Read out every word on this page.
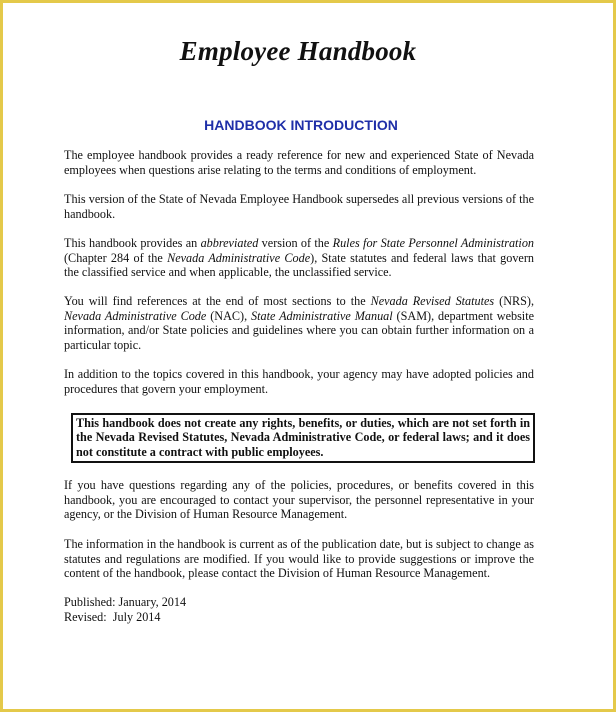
Employee Handbook
HANDBOOK INTRODUCTION

The employee handbook provides a ready reference for new and experienced State of Nevada employees when questions arise relating to the terms and conditions of employment.

This version of the State of Nevada Employee Handbook supersedes all previous versions of the handbook.

This handbook provides an abbreviated version of the Rules for State Personnel Administration (Chapter 284 of the Nevada Administrative Code), State statutes and federal laws that govern the classified service and when applicable, the unclassified service.

You will find references at the end of most sections to the Nevada Revised Statutes (NRS), Nevada Administrative Code (NAC), State Administrative Manual (SAM), department website information, and/or State policies and guidelines where you can obtain further information on a particular topic.

In addition to the topics covered in this handbook, your agency may have adopted policies and procedures that govern your employment.

This handbook does not create any rights, benefits, or duties, which are not set forth in the Nevada Revised Statutes, Nevada Administrative Code, or federal laws; and it does not constitute a contract with public employees.

If you have questions regarding any of the policies, procedures, or benefits covered in this handbook, you are encouraged to contact your supervisor, the personnel representative in your agency, or the Division of Human Resource Management.

The information in the handbook is current as of the publication date, but is subject to change as statutes and regulations are modified. If you would like to provide suggestions or improve the content of the handbook, please contact the Division of Human Resource Management.

Published: January, 2014
Revised:  July 2014
